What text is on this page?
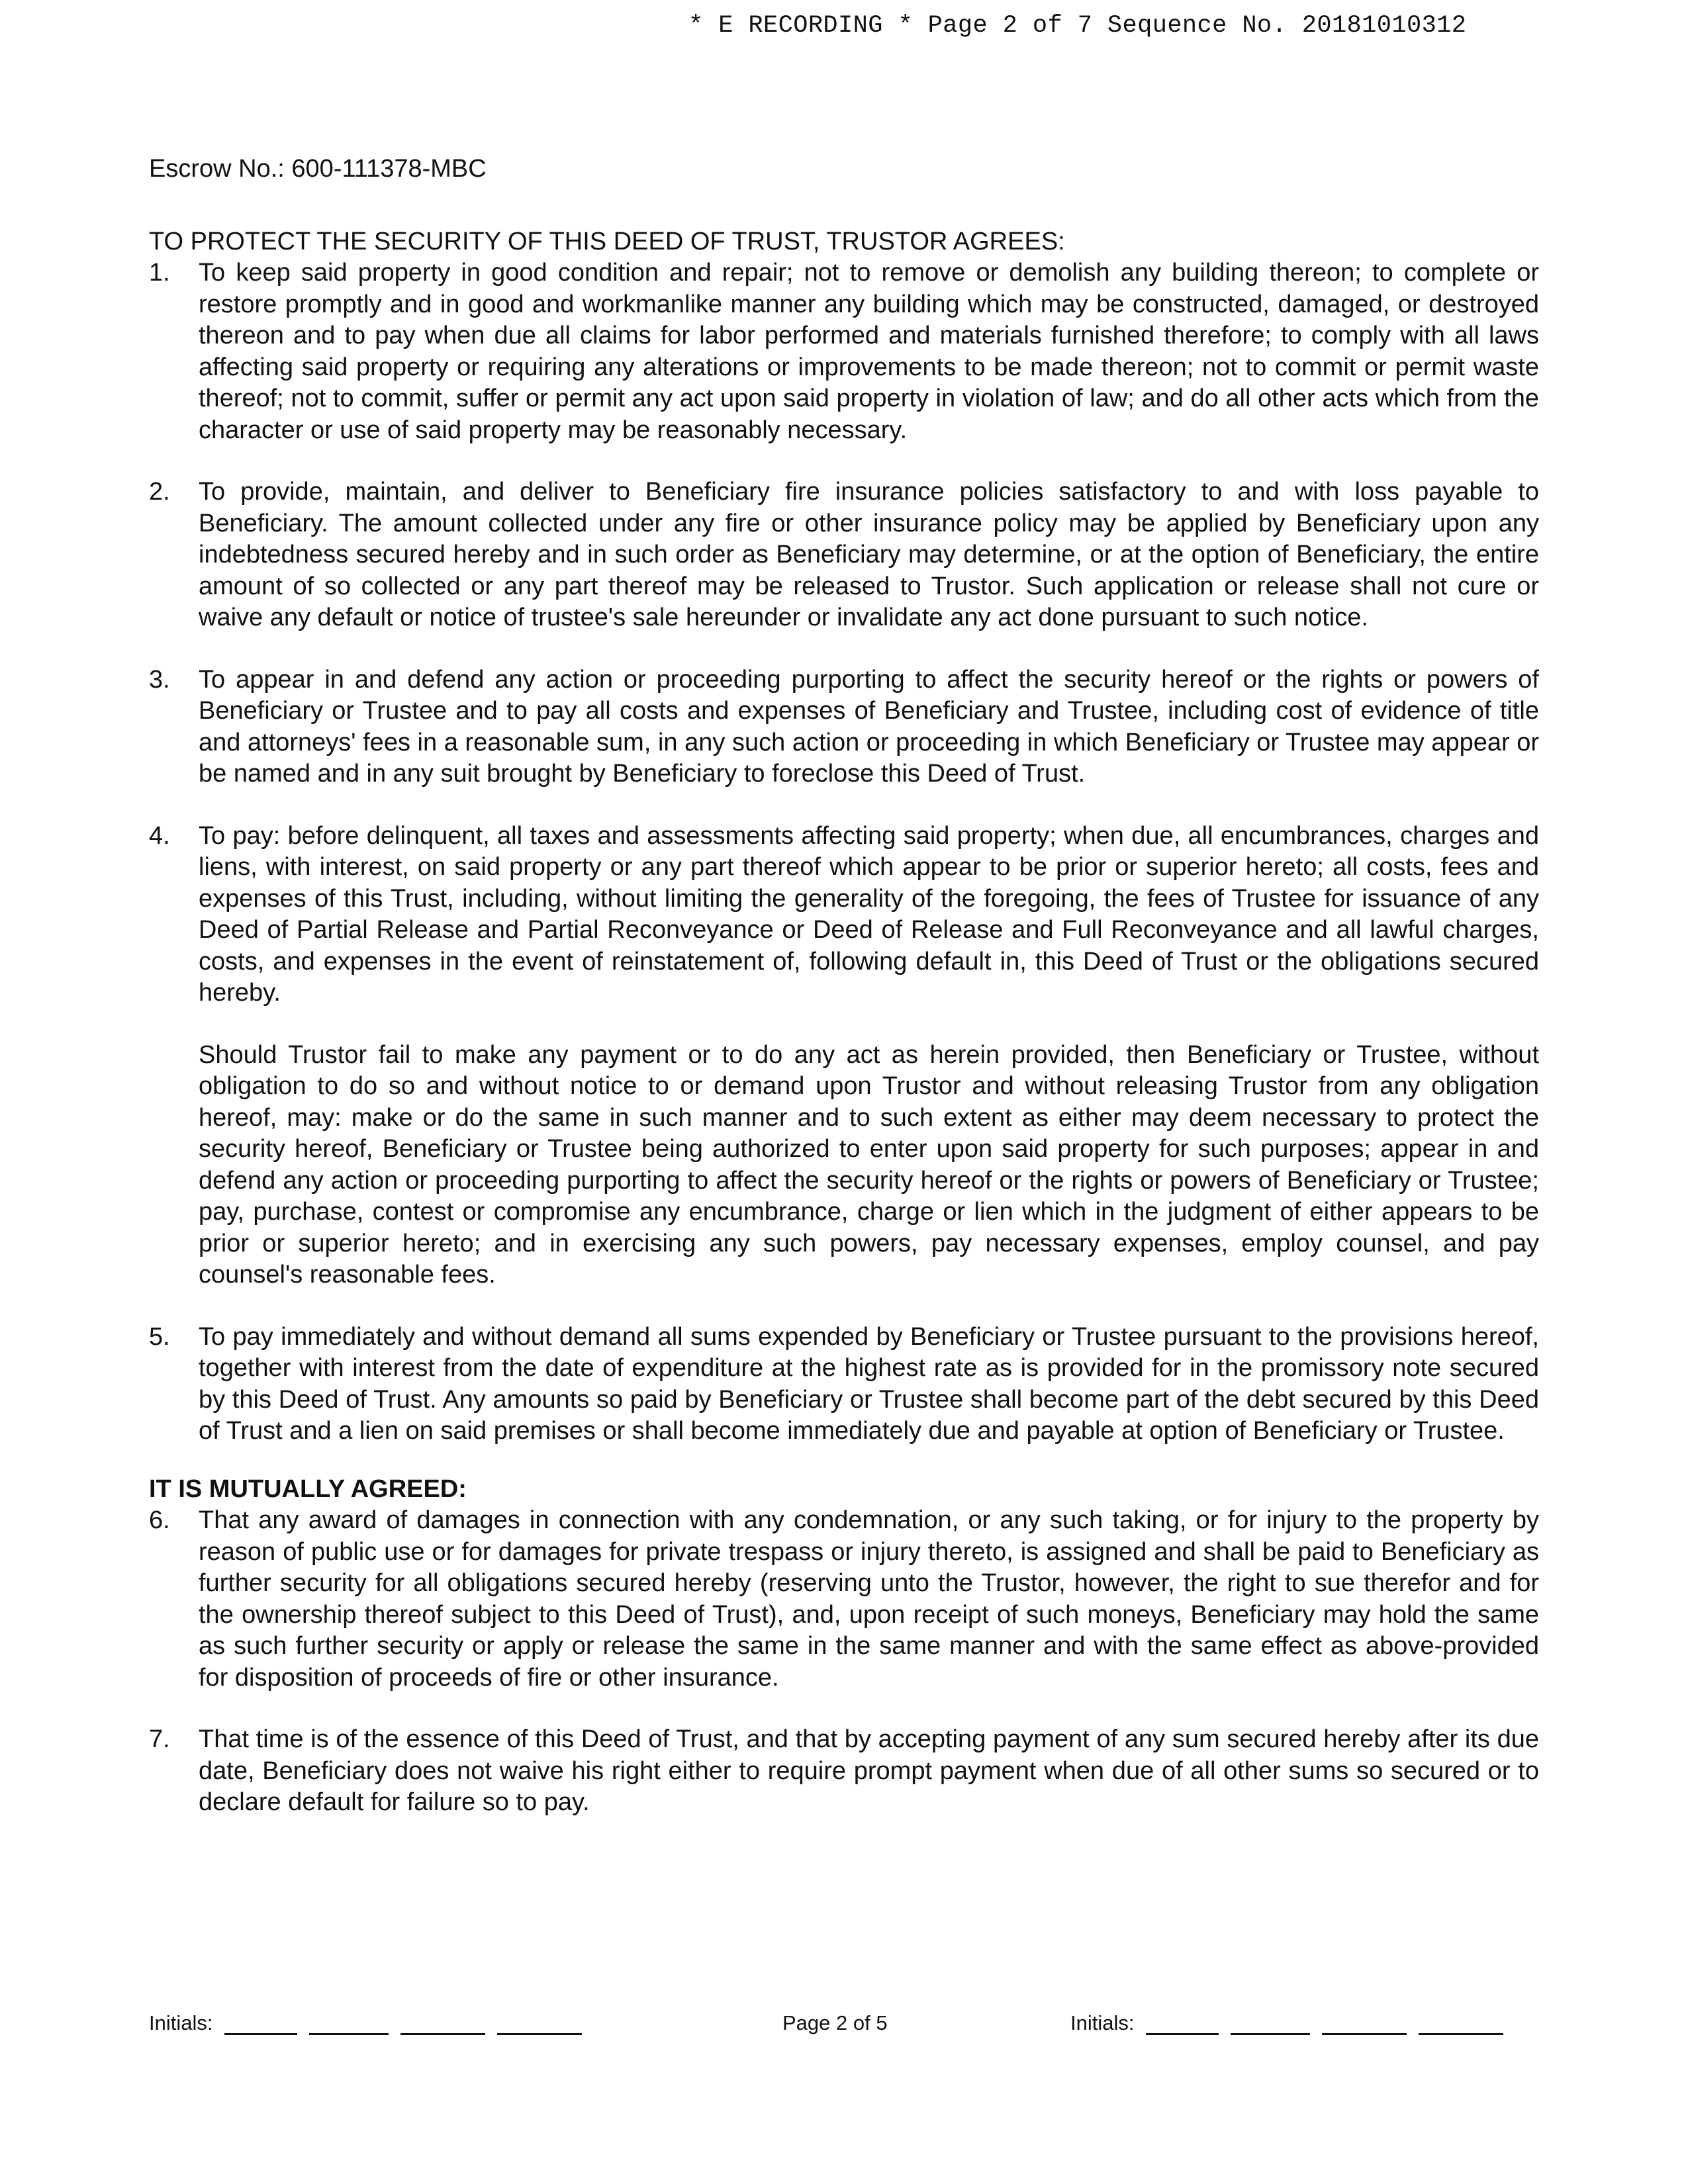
* E RECORDING * Page 2 of 7 Sequence No. 20181010312

Escrow No.: 600-111378-MBC

TO PROTECT THE SECURITY OF THIS DEED OF TRUST, TRUSTOR AGREES:

1.	To keep said property in good condition and repair; not to remove or demolish any building thereon; to complete or restore promptly and in good and workmanlike manner any building which may be constructed, damaged, or destroyed thereon and to pay when due all claims for labor performed and materials furnished therefore; to comply with all laws affecting said property or requiring any alterations or improvements to be made thereon; not to commit or permit waste thereof; not to commit, suffer or permit any act upon said property in violation of law; and do all other acts which from the character or use of said property may be reasonably necessary.

2.	To provide, maintain, and deliver to Beneficiary fire insurance policies satisfactory to and with loss payable to Beneficiary. The amount collected under any fire or other insurance policy may be applied by Beneficiary upon any indebtedness secured hereby and in such order as Beneficiary may determine, or at the option of Beneficiary, the entire amount of so collected or any part thereof may be released to Trustor. Such application or release shall not cure or waive any default or notice of trustee's sale hereunder or invalidate any act done pursuant to such notice.

3.	To appear in and defend any action or proceeding purporting to affect the security hereof or the rights or powers of Beneficiary or Trustee and to pay all costs and expenses of Beneficiary and Trustee, including cost of evidence of title and attorneys' fees in a reasonable sum, in any such action or proceeding in which Beneficiary or Trustee may appear or be named and in any suit brought by Beneficiary to foreclose this Deed of Trust.

4.	To pay: before delinquent, all taxes and assessments affecting said property; when due, all encumbrances, charges and liens, with interest, on said property or any part thereof which appear to be prior or superior hereto; all costs, fees and expenses of this Trust, including, without limiting the generality of the foregoing, the fees of Trustee for issuance of any Deed of Partial Release and Partial Reconveyance or Deed of Release and Full Reconveyance and all lawful charges, costs, and expenses in the event of reinstatement of, following default in, this Deed of Trust or the obligations secured hereby.

Should Trustor fail to make any payment or to do any act as herein provided, then Beneficiary or Trustee, without obligation to do so and without notice to or demand upon Trustor and without releasing Trustor from any obligation hereof, may: make or do the same in such manner and to such extent as either may deem necessary to protect the security hereof, Beneficiary or Trustee being authorized to enter upon said property for such purposes; appear in and defend any action or proceeding purporting to affect the security hereof or the rights or powers of Beneficiary or Trustee; pay, purchase, contest or compromise any encumbrance, charge or lien which in the judgment of either appears to be prior or superior hereto; and in exercising any such powers, pay necessary expenses, employ counsel, and pay counsel's reasonable fees.

5.	To pay immediately and without demand all sums expended by Beneficiary or Trustee pursuant to the provisions hereof, together with interest from the date of expenditure at the highest rate as is provided for in the promissory note secured by this Deed of Trust. Any amounts so paid by Beneficiary or Trustee shall become part of the debt secured by this Deed of Trust and a lien on said premises or shall become immediately due and payable at option of Beneficiary or Trustee.

IT IS MUTUALLY AGREED:

6.	That any award of damages in connection with any condemnation, or any such taking, or for injury to the property by reason of public use or for damages for private trespass or injury thereto, is assigned and shall be paid to Beneficiary as further security for all obligations secured hereby (reserving unto the Trustor, however, the right to sue therefor and for the ownership thereof subject to this Deed of Trust), and, upon receipt of such moneys, Beneficiary may hold the same as such further security or apply or release the same in the same manner and with the same effect as above-provided for disposition of proceeds of fire or other insurance.

7.	That time is of the essence of this Deed of Trust, and that by accepting payment of any sum secured hereby after its due date, Beneficiary does not waive his right either to require prompt payment when due of all other sums so secured or to declare default for failure so to pay.

Initials:	Page 2 of 5	Initials:
